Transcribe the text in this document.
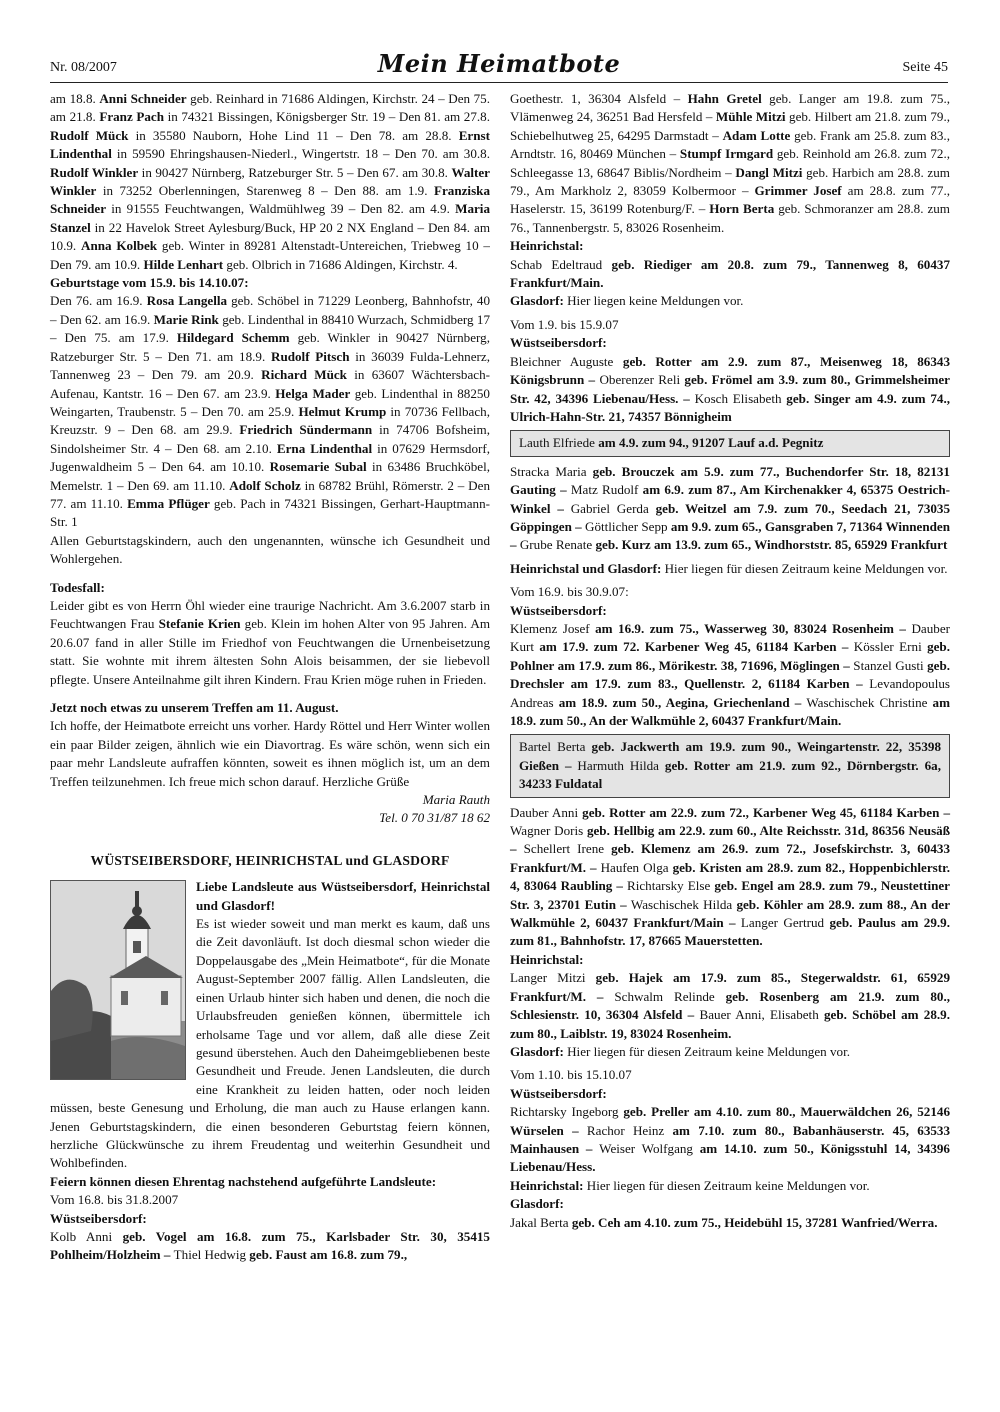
Nr. 08/2007	Mein Heimatbote	Seite 45

am 18.8. Anni Schneider geb. Reinhard in 71686 Aldingen, Kirchstr. 24 – Den 75. am 21.8. Franz Pach in 74321 Bissingen, Königsberger Str. 19 – Den 81. am 27.8. Rudolf Mück in 35580 Nauborn, Hohe Lind 11 – Den 78. am 28.8. Ernst Lindenthal in 59590 Ehringshausen-Niederl., Wingertstr. 18 – Den 70. am 30.8. Rudolf Winkler in 90427 Nürnberg, Ratzeburger Str. 5 – Den 67. am 30.8. Walter Winkler in 73252 Oberlenningen, Starenweg 8 – Den 88. am 1.9. Franziska Schneider in 91555 Feuchtwangen, Waldmühlweg 39 – Den 82. am 4.9. Maria Stanzel in 22 Havelok Street Aylesburg/Buck, HP 20 2 NX England – Den 84. am 10.9. Anna Kolbek geb. Winter in 89281 Altenstadt-Untereichen, Triebweg 10 – Den 79. am 10.9. Hilde Lenhart geb. Olbrich in 71686 Aldingen, Kirchstr. 4.

Geburtstage vom 15.9. bis 14.10.07:

Den 76. am 16.9. Rosa Langella geb. Schöbel in 71229 Leonberg, Bahnhofstr, 40 – Den 62. am 16.9. Marie Rink geb. Lindenthal in 88410 Wurzach, Schmidberg 17 – Den 75. am 17.9. Hildegard Schemm geb. Winkler in 90427 Nürnberg, Ratzeburger Str. 5 – Den 71. am 18.9. Rudolf Pitsch in 36039 Fulda-Lehnerz, Tannenweg 23 – Den 79. am 20.9. Richard Mück in 63607 Wächtersbach-Aufenau, Kantstr. 16 – Den 67. am 23.9. Helga Mader geb. Lindenthal in 88250 Weingarten, Traubenstr. 5 – Den 70. am 25.9. Helmut Krump in 70736 Fellbach, Kreuzstr. 9 – Den 68. am 29.9. Friedrich Sündermann in 74706 Bofsheim, Sindolsheimer Str. 4 – Den 68. am 2.10. Erna Lindenthal in 07629 Hermsdorf, Jugenwaldheim 5 – Den 64. am 10.10. Rosemarie Subal in 63486 Bruchköbel, Memelstr. 1 – Den 69. am 11.10. Adolf Scholz in 68782 Brühl, Römerstr. 2 – Den 77. am 11.10. Emma Pflüger geb. Pach in 74321 Bissingen, Gerhart-Hauptmann-Str. 1

Allen Geburtstagskindern, auch den ungenannten, wünsche ich Gesundheit und Wohlergehen.

Todesfall:

Leider gibt es von Herrn Öhl wieder eine traurige Nachricht. Am 3.6.2007 starb in Feuchtwangen Frau Stefanie Krien geb. Klein im hohen Alter von 95 Jahren. Am 20.6.07 fand in aller Stille im Friedhof von Feuchtwangen die Urnenbeisetzung statt. Sie wohnte mit ihrem ältesten Sohn Alois beisammen, der sie liebevoll pflegte. Unsere Anteilnahme gilt ihren Kindern. Frau Krien möge ruhen in Frieden.

Jetzt noch etwas zu unserem Treffen am 11. August.

Ich hoffe, der Heimatbote erreicht uns vorher. Hardy Röttel und Herr Winter wollen ein paar Bilder zeigen, ähnlich wie ein Diavortrag. Es wäre schön, wenn sich ein paar mehr Landsleute aufraffen könnten, soweit es ihnen möglich ist, um an dem Treffen teilzunehmen. Ich freue mich schon darauf. Herzliche Grüße

Maria Rauth

Tel. 0 70 31/87 18 62

WÜSTSEIBERSDORF, HEINRICHSTAL und GLASDORF

Liebe Landsleute aus Wüstseibersdorf, Heinrichstal und Glasdorf!

Es ist wieder soweit und man merkt es kaum, daß uns die Zeit davonläuft. Ist doch diesmal schon wieder die Doppelausgabe des „Mein Heimatbote“, für die Monate August-September 2007 fällig. Allen Landsleuten, die einen Urlaub hinter sich haben und denen, die noch die Urlaubsfreuden genießen können, übermittele ich erholsame Tage und vor allem, daß alle diese Zeit gesund überstehen. Auch den Daheimgebliebenen beste Gesundheit und Freude. Jenen Landsleuten, die durch eine Krankheit zu leiden hatten, oder noch leiden müssen, beste Genesung und Erholung, die man auch zu Hause erlangen kann. Jenen Geburtstagskindern, die einen besonderen Geburtstag feiern können, herzliche Glückwünsche zu ihrem Freudentag und weiterhin Gesundheit und Wohlbefinden.

Feiern können diesen Ehrentag nachstehend aufgeführte Landsleute:

Vom 16.8. bis 31.8.2007

Wüstseibersdorf:

Kolb Anni geb. Vogel am 16.8. zum 75., Karlsbader Str. 30, 35415 Pohlheim/Holzheim – Thiel Hedwig geb. Faust am 16.8. zum 79.,

Goethestr. 1, 36304 Alsfeld – Hahn Gretel geb. Langer am 19.8. zum 75., Vlämenweg 24, 36251 Bad Hersfeld – Mühle Mitzi geb. Hilbert am 21.8. zum 79., Schiebelhutweg 25, 64295 Darmstadt – Adam Lotte geb. Frank am 25.8. zum 83., Arndtstr. 16, 80469 München – Stumpf Irmgard geb. Reinhold am 26.8. zum 72., Schleegasse 13, 68647 Biblis/Nordheim – Dangl Mitzi geb. Harbich am 28.8. zum 79., Am Markholz 2, 83059 Kolbermoor – Grimmer Josef am 28.8. zum 77., Haselerstr. 15, 36199 Rotenburg/F. – Horn Berta geb. Schmoranzer am 28.8. zum 76., Tannenbergstr. 5, 83026 Rosenheim.

Heinrichstal:

Schab Edeltraud geb. Riediger am 20.8. zum 79., Tannenweg 8, 60437 Frankfurt/Main.

Glasdorf: Hier liegen keine Meldungen vor.

Vom 1.9. bis 15.9.07

Wüstseibersdorf:

Bleichner Auguste geb. Rotter am 2.9. zum 87., Meisenweg 18, 86343 Königsbrunn – Oberenzer Reli geb. Frömel am 3.9. zum 80., Grimmelsheimer Str. 42, 34396 Liebenau/Hess. – Kosch Elisabeth geb. Singer am 4.9. zum 74., Ulrich-Hahn-Str. 21, 74357 Bönnigheim

Lauth Elfriede am 4.9. zum 94., 91207 Lauf a.d. Pegnitz

Stracka Maria geb. Brouczek am 5.9. zum 77., Buchendorfer Str. 18, 82131 Gauting – Matz Rudolf am 6.9. zum 87., Am Kirchenakker 4, 65375 Oestrich-Winkel – Gabriel Gerda geb. Weitzel am 7.9. zum 70., Seedach 21, 73035 Göppingen – Göttlicher Sepp am 9.9. zum 65., Gansgraben 7, 71364 Winnenden – Grube Renate geb. Kurz am 13.9. zum 65., Windhorststr. 85, 65929 Frankfurt

Heinrichstal und Glasdorf: Hier liegen für diesen Zeitraum keine Meldungen vor.

Vom 16.9. bis 30.9.07:

Wüstseibersdorf:

Klemenz Josef am 16.9. zum 75., Wasserweg 30, 83024 Rosenheim – Dauber Kurt am 17.9. zum 72. Karbener Weg 45, 61184 Karben – Kössler Erni geb. Pohlner am 17.9. zum 86., Mörikestr. 38, 71696, Möglingen – Stanzel Gusti geb. Drechsler am 17.9. zum 83., Quellenstr. 2, 61184 Karben – Levandopoulus Andreas am 18.9. zum 50., Aegina, Griechenland – Waschischek Christine am 18.9. zum 50., An der Walkmühle 2, 60437 Frankfurt/Main.

Bartel Berta geb. Jackwerth am 19.9. zum 90., Weingartenstr. 22, 35398 Gießen – Harmuth Hilda geb. Rotter am 21.9. zum 92., Dörnbergstr. 6a, 34233 Fuldatal

Dauber Anni geb. Rotter am 22.9. zum 72., Karbener Weg 45, 61184 Karben – Wagner Doris geb. Hellbig am 22.9. zum 60., Alte Reichsstr. 31d, 86356 Neusäß – Schellert Irene geb. Klemenz am 26.9. zum 72., Josefskirchstr. 3, 60433 Frankfurt/M. – Haufen Olga geb. Kristen am 28.9. zum 82., Hoppenbichlerstr. 4, 83064 Raubling – Richtarsky Else geb. Engel am 28.9. zum 79., Neustettiner Str. 3, 23701 Eutin – Waschischek Hilda geb. Köhler am 28.9. zum 88., An der Walkmühle 2, 60437 Frankfurt/Main – Langer Gertrud geb. Paulus am 29.9. zum 81., Bahnhofstr. 17, 87665 Mauerstetten.

Heinrichstal:

Langer Mitzi geb. Hajek am 17.9. zum 85., Stegerwaldstr. 61, 65929 Frankfurt/M. – Schwalm Relinde geb. Rosenberg am 21.9. zum 80., Schlesienstr. 10, 36304 Alsfeld – Bauer Anni, Elisabeth geb. Schöbel am 28.9. zum 80., Laiblstr. 19, 83024 Rosenheim.

Glasdorf: Hier liegen für diesen Zeitraum keine Meldungen vor.

Vom 1.10. bis 15.10.07

Wüstseibersdorf:

Richtarsky Ingeborg geb. Preller am 4.10. zum 80., Mauerwäldchen 26, 52146 Würselen – Rachor Heinz am 7.10. zum 80., Babanhäuserstr. 45, 63533 Mainhausen – Weiser Wolfgang am 14.10. zum 50., Königsstuhl 14, 34396 Liebenau/Hess.

Heinrichstal: Hier liegen für diesen Zeitraum keine Meldungen vor.

Glasdorf:

Jakal Berta geb. Ceh am 4.10. zum 75., Heidebühl 15, 37281 Wanfried/Werra.
